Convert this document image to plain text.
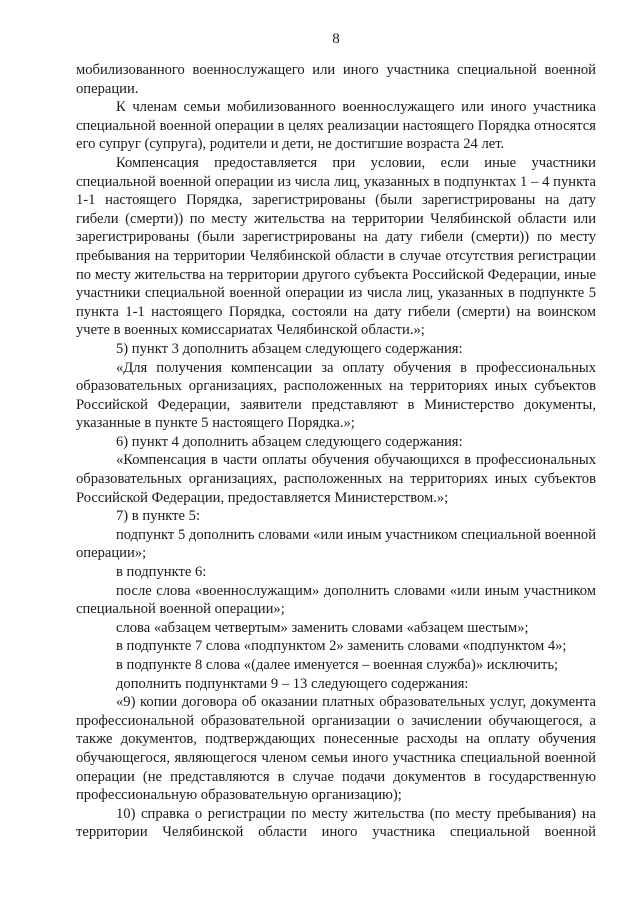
8

мобилизованного военнослужащего или иного участника специальной военной операции.

К членам семьи мобилизованного военнослужащего или иного участника специальной военной операции в целях реализации настоящего Порядка относятся его супруг (супруга), родители и дети, не достигшие возраста 24 лет.

Компенсация предоставляется при условии, если иные участники специальной военной операции из числа лиц, указанных в подпунктах 1 – 4 пункта 1-1 настоящего Порядка, зарегистрированы (были зарегистрированы на дату гибели (смерти)) по месту жительства на территории Челябинской области или зарегистрированы (были зарегистрированы на дату гибели (смерти)) по месту пребывания на территории Челябинской области в случае отсутствия регистрации по месту жительства на территории другого субъекта Российской Федерации, иные участники специальной военной операции из числа лиц, указанных в подпункте 5 пункта 1-1 настоящего Порядка, состояли на дату гибели (смерти) на воинском учете в военных комиссариатах Челябинской области.»;

5) пункт 3 дополнить абзацем следующего содержания:

«Для получения компенсации за оплату обучения в профессиональных образовательных организациях, расположенных на территориях иных субъектов Российской Федерации, заявители представляют в Министерство документы, указанные в пункте 5 настоящего Порядка.»;

6) пункт 4 дополнить абзацем следующего содержания:

«Компенсация в части оплаты обучения обучающихся в профессиональных образовательных организациях, расположенных на территориях иных субъектов Российской Федерации, предоставляется Министерством.»;

7) в пункте 5:

подпункт 5 дополнить словами «или иным участником специальной военной операции»;

в подпункте 6:

после слова «военнослужащим» дополнить словами «или иным участником специальной военной операции»;

слова «абзацем четвертым» заменить словами «абзацем шестым»;

в подпункте 7 слова «подпунктом 2» заменить словами «подпунктом 4»;

в подпункте 8 слова «(далее именуется – военная служба)» исключить;

дополнить подпунктами 9 – 13 следующего содержания:

«9) копии договора об оказании платных образовательных услуг, документа профессиональной образовательной организации о зачислении обучающегося, а также документов, подтверждающих понесенные расходы на оплату обучения обучающегося, являющегося членом семьи иного участника специальной военной операции (не представляются в случае подачи документов в государственную профессиональную образовательную организацию);

10) справка о регистрации по месту жительства (по месту пребывания) на территории Челябинской области иного участника специальной военной
